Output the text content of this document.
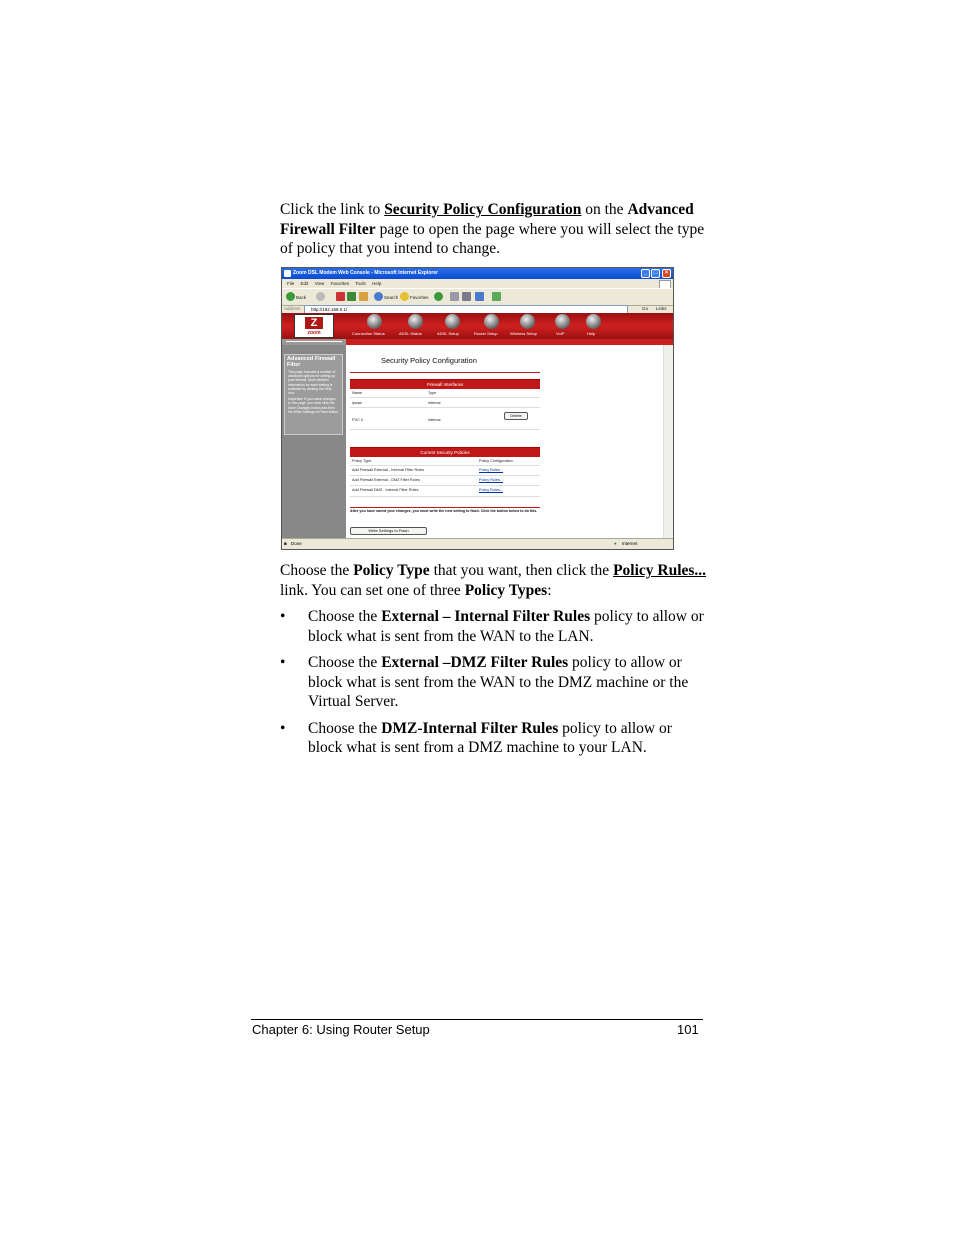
Click the link to Security Policy Configuration on the Advanced Firewall Filter page to open the page where you will select the type of policy that you intend to change.
Zoom DSL Modem Web Console - Microsoft Internet Explorer	_	□	×
File Edit View Favorites Tools Help
Back	Search	Favorites
Address	http://192.168.0.1/	Go Links
Z
zoom	Connection Status	ADSL Status	ADSL Setup	Router Setup	Wireless Setup	VoIP	Help
Advanced Firewall Filter
This page includes a number of advanced options for setting up your firewall. More detailed information for each setting is available by clicking the Help icon.
Important: If you make changes to this page, you must click the Save Changes button and then the Write Settings to Flash button.
Security Policy Configuration
Firewall Interfaces
Name	Type
ipwan	internal
PVC 0	internal
Delete
Current Security Policies
Policy Type	Policy Configuration
Add Firewall External - Internal Filter Rules	Policy Rules...
Add Firewall External - DMZ Filter Rules	Policy Rules...
Add Firewall DMZ - Internal Filter Rules	Policy Rules...
After you have saved your changes, you must write the new setting to flash. Click the button below to do this.
Write Settings to Flash
◙ Done	● Internet
Choose the Policy Type that you want, then click the Policy Rules... link. You can set one of three Policy Types:
• Choose the External – Internal Filter Rules policy to allow or block what is sent from the WAN to the LAN.
• Choose the External –DMZ Filter Rules policy to allow or block what is sent from the WAN to the DMZ machine or the Virtual Server.
• Choose the DMZ-Internal Filter Rules policy to allow or block what is sent from a DMZ machine to your LAN.
Chapter 6: Using Router Setup	101
